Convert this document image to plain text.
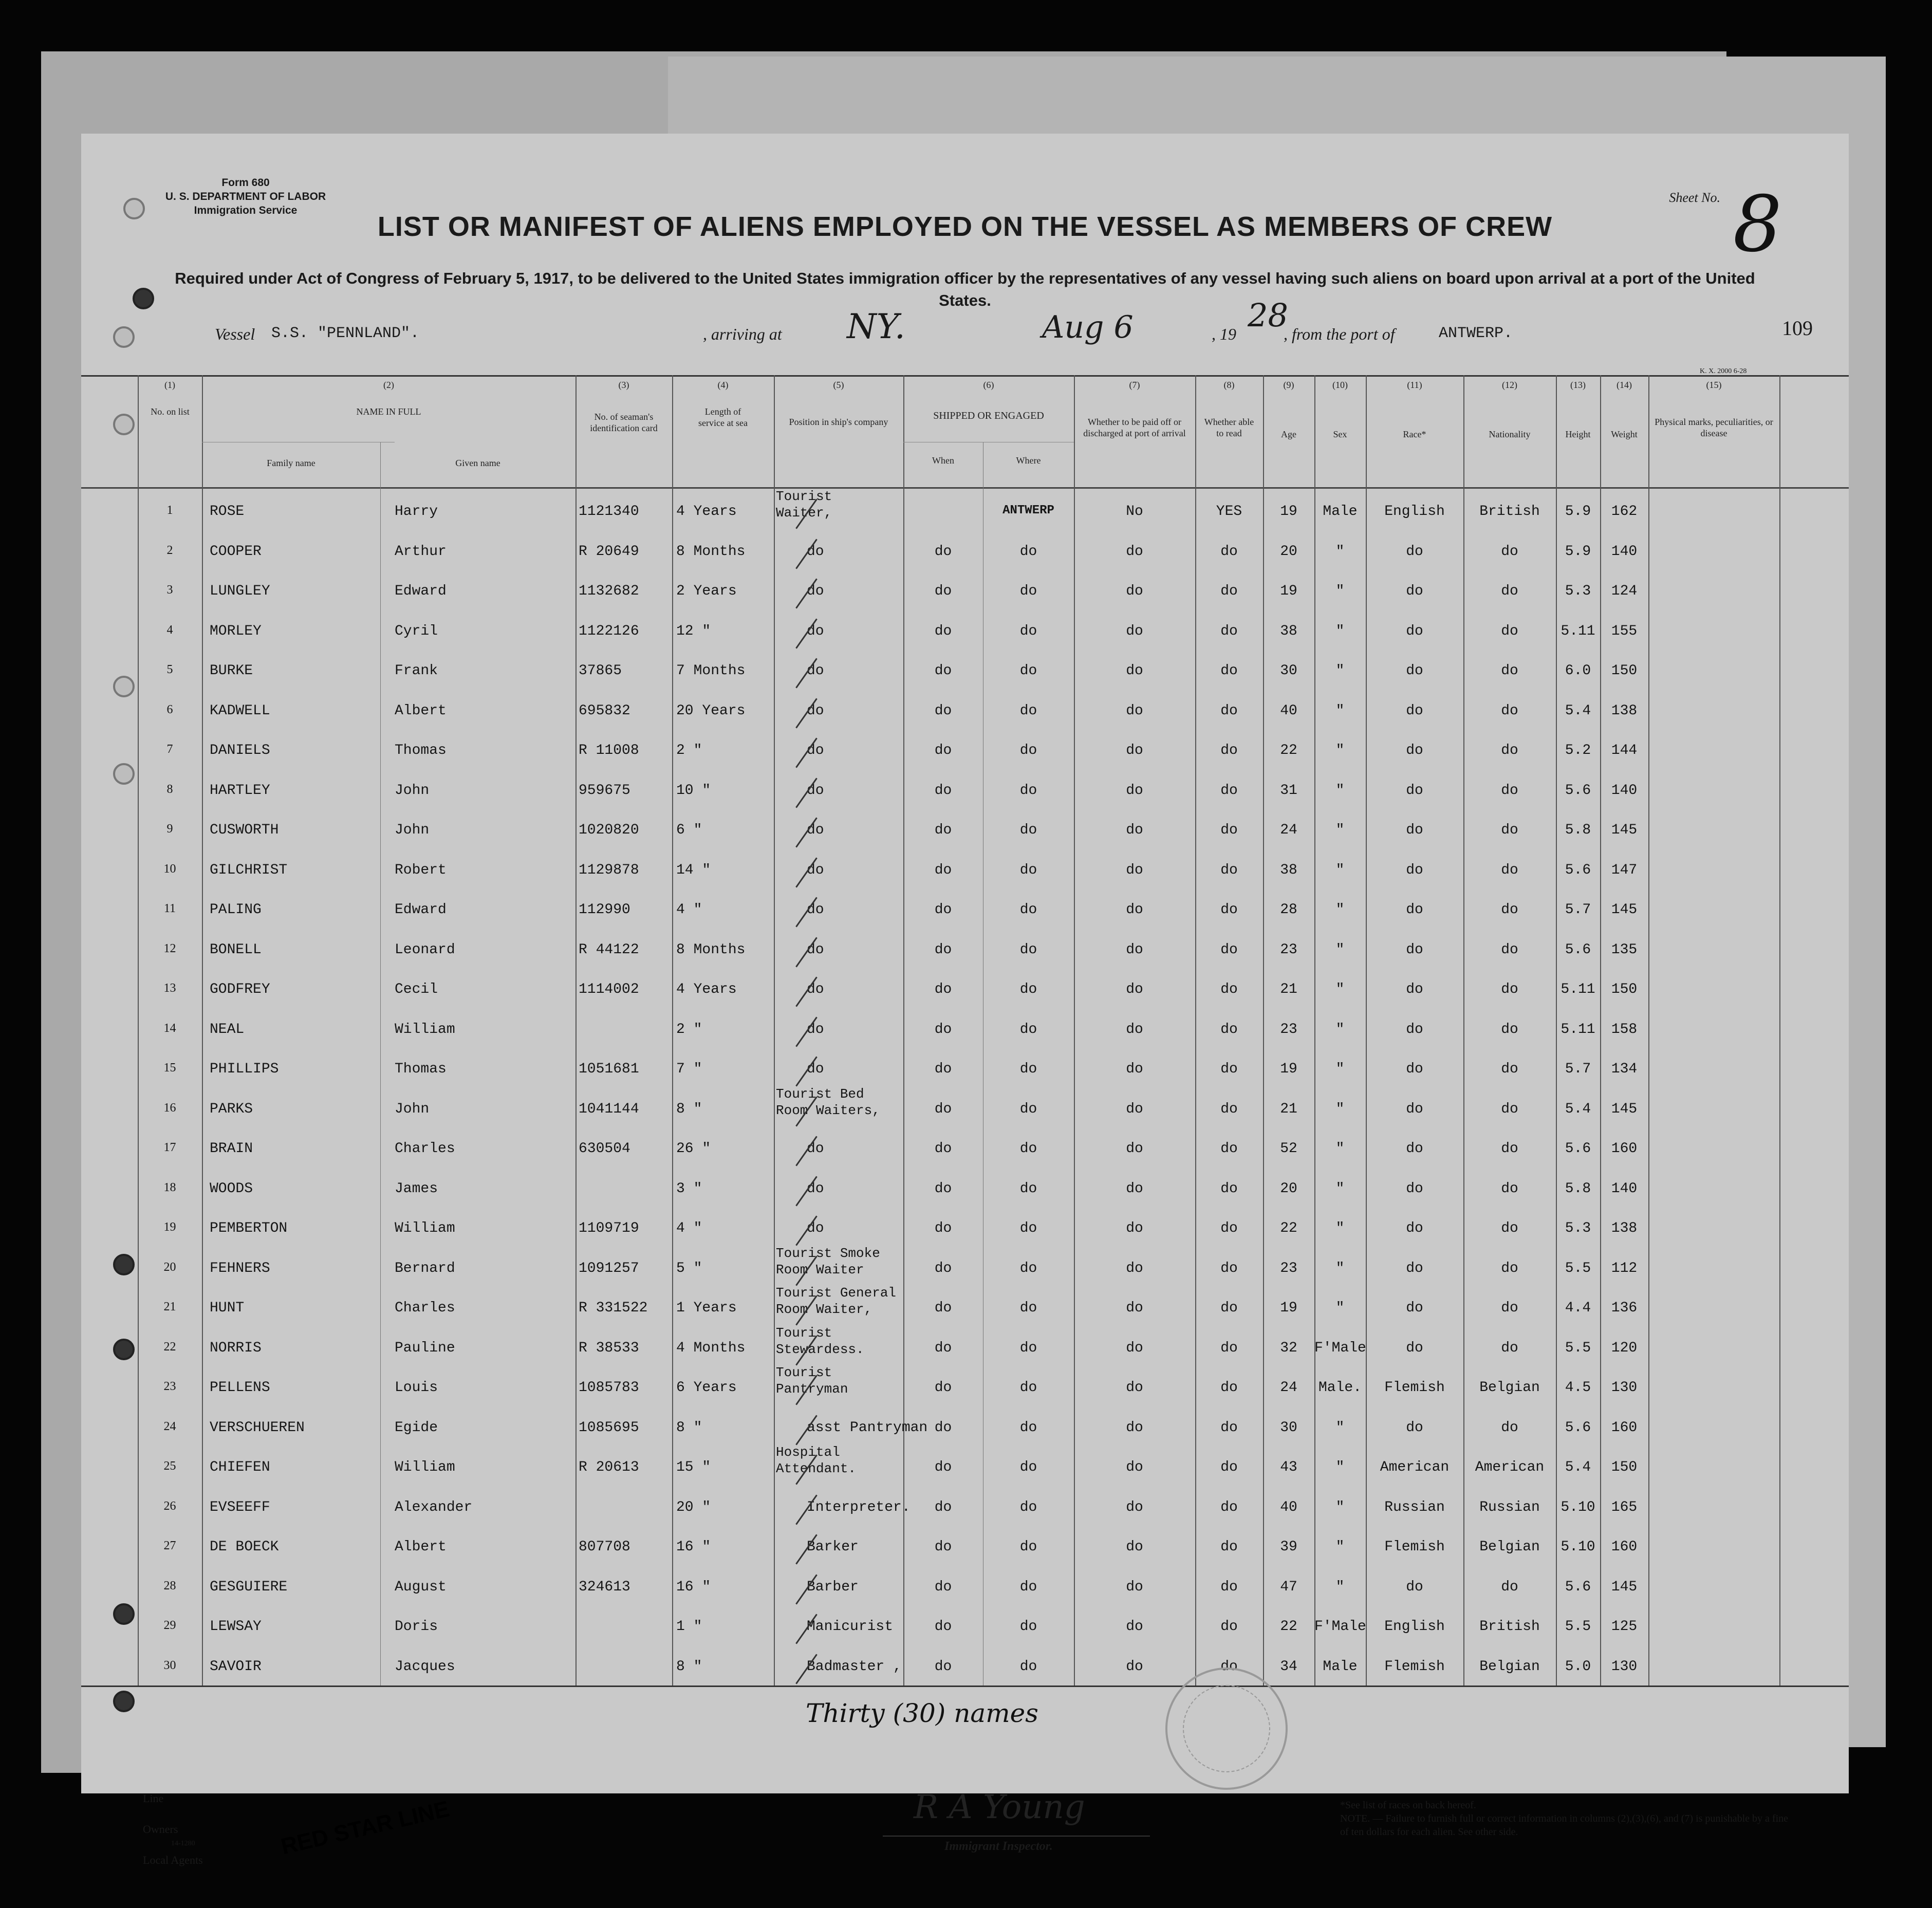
Form 680
U. S. DEPARTMENT OF LABOR
Immigration Service
Sheet No. 8
LIST OR MANIFEST OF ALIENS EMPLOYED ON THE VESSEL AS MEMBERS OF CREW
Required under Act of Congress of February 5, 1917, to be delivered to the United States immigration officer by the representatives of any vessel having such aliens on board upon arrival at a port of the United States.
109
Vessel S.S. "PENNLAND".	, arriving at NY.	Aug 6	, 19 28
, from the port of	ANTWERP.
K. X. 2000 6-28
(1)	(2)	(3)	(4)	(5)	(6)	(7)	(8)	(9)	(10)	(11)	(12)	(13)	(14)	(15)
No. on list	NAME IN FULL
Family name	Given name
No. of seaman's identification card
Length of service at sea	Position in ship's company
SHIPPED OR ENGAGED
When	Where
Whether to be paid off or discharged at port of arrival
Whether able to read	Age	Sex	Race*	Nationality	Height	Weight
Physical marks, peculiarities, or disease
1	ROSE	Harry	1121340	4 Years
Tourist
Waiter,	ANTWERP	No	YES	19	Male	English	British	5.9	162
2	COOPER	Arthur	R 20649	8 Months	do	do	do	do	do	20	"	do	do	5.9	140
3	LUNGLEY	Edward	1132682	2 Years	do	do	do	do	do	19	"	do	do	5.3	124
4	MORLEY	Cyril	1122126	12 "	do	do	do	do	do	38	"	do	do	5.11	155
5	BURKE	Frank	37865	7 Months	do	do	do	do	do	30	"	do	do	6.0	150
6	KADWELL	Albert	695832	20 Years	do	do	do	do	do	40	"	do	do	5.4	138
7	DANIELS	Thomas	R 11008	2 "	do	do	do	do	do	22	"	do	do	5.2	144
8	HARTLEY	John	959675	10 "	do	do	do	do	do	31	"	do	do	5.6	140
9	CUSWORTH	John	1020820	6 "	do	do	do	do	do	24	"	do	do	5.8	145
10	GILCHRIST	Robert	1129878	14 "	do	do	do	do	do	38	"	do	do	5.6	147
11	PALING	Edward	112990	4 "	do	do	do	do	do	28	"	do	do	5.7	145
12	BONELL	Leonard	R 44122	8 Months	do	do	do	do	do	23	"	do	do	5.6	135
13	GODFREY	Cecil	1114002	4 Years	do	do	do	do	do	21	"	do	do	5.11	150
14	NEAL	William	2 "	do	do	do	do	do	23	"	do	do	5.11	158
15	PHILLIPS	Thomas	1051681	7 "	do	do	do	do	do	19	"	do	do	5.7	134
16	PARKS	John	1041144	8 "
Tourist Bed
Room Waiters,	do	do	do	do	21	"	do	do	5.4	145
17	BRAIN	Charles	630504	26 "	do	do	do	do	do	52	"	do	do	5.6	160
18	WOODS	James	3 "	do	do	do	do	do	20	"	do	do	5.8	140
19	PEMBERTON	William	1109719	4 "	do	do	do	do	do	22	"	do	do	5.3	138
20	FEHNERS	Bernard	1091257	5 "
Tourist Smoke
Room Waiter	do	do	do	do	23	"	do	do	5.5	112
21	HUNT	Charles	R 331522	1 Years
Tourist General
Room Waiter,	do	do	do	do	19	"	do	do	4.4	136
22	NORRIS	Pauline	R 38533	4 Months
Tourist
Stewardess.	do	do	do	do	32	F'Male	do	do	5.5	120
23	PELLENS	Louis	1085783	6 Years
Tourist
Pantryman	do	do	do	do	24	Male.	Flemish	Belgian	4.5	130
24	VERSCHUEREN	Egide	1085695	8 "	asst Pantryman do	do	do	do	30	"	do	do	5.6	160
25	CHIEFEN	William	R 20613	15 "
Hospital
Attendant.	do	do	do	do	43	"	American	American	5.4	150
26	EVSEEFF	Alexander	20 "	Interpreter.	do	do	do	do	40	"	Russian	Russian	5.10	165
27	DE BOECK	Albert	807708	16 "	Barker	do	do	do	do	39	"	Flemish	Belgian	5.10	160
28	GESGUIERE	August	324613	16 "	Barber	do	do	do	do	47	"	do	do	5.6	145
29	LEWSAY	Doris	1 "	Manicurist	do	do	do	do	22	F'Male	English	British	5.5	125
30	SAVOIR	Jacques	8 "	Badmaster ,	do	do	do	do	34	Male	Flemish	Belgian	5.0	130
Thirty (30) names
Line
Owners
Local Agents
14-1280	RED STAR LINE	R A Young
Immigrant Inspector.
*See list of races on back hereof.
NOTE. — Failure to furnish full or correct information in columns (2),(3),(6), and (7) is punishable by a fine of ten dollars for each alien. See other side.
